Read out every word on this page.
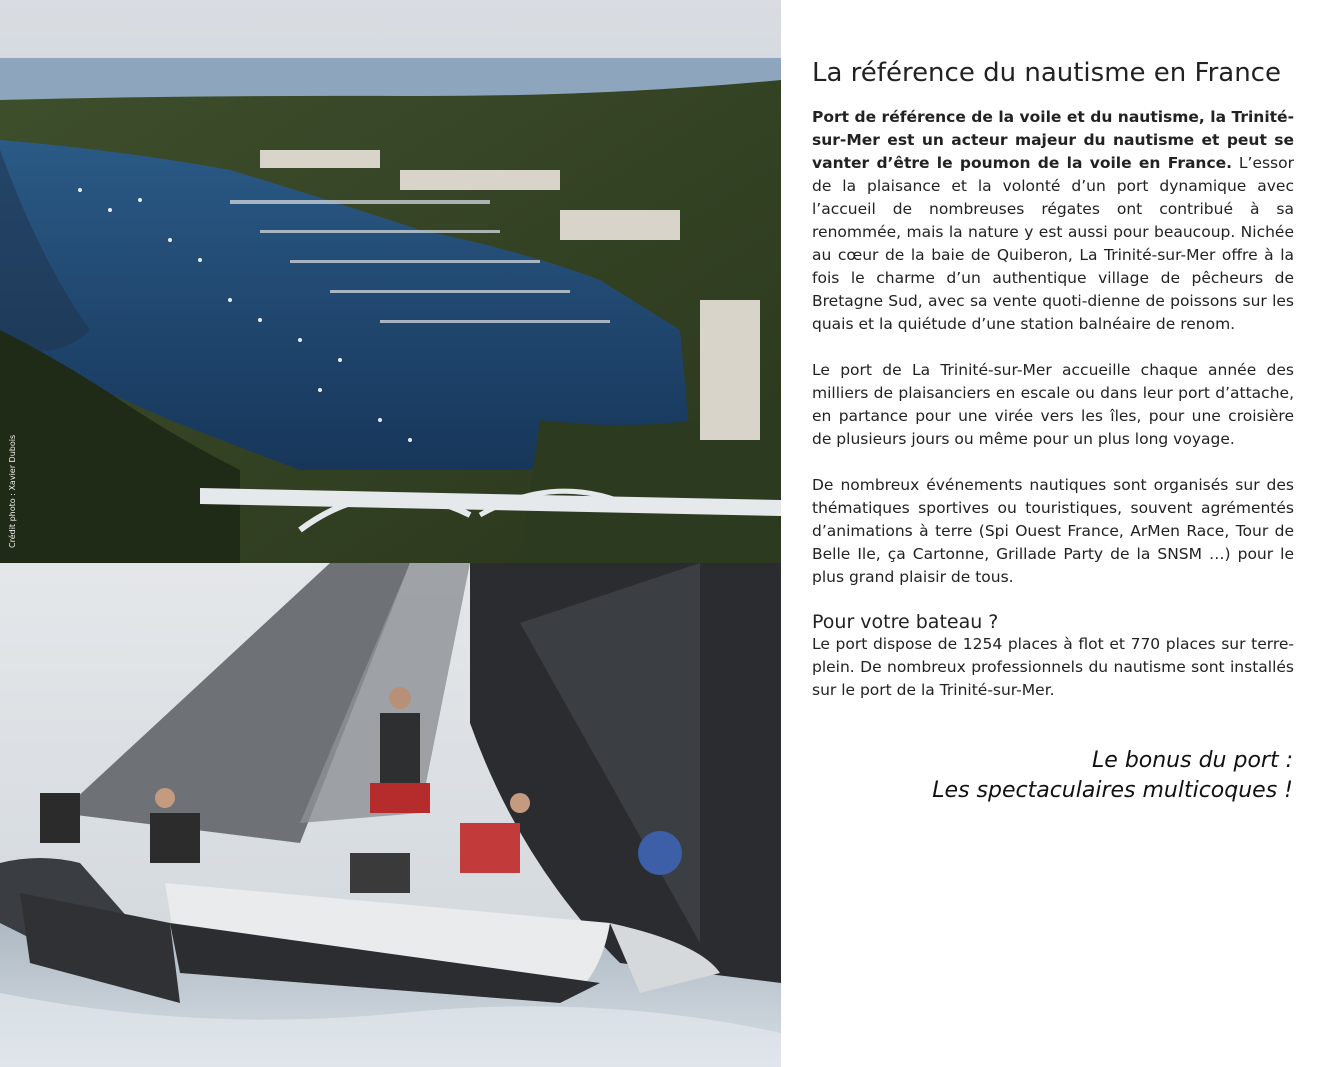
Crédit photo : Xavier Dubois
La référence du nautisme en France

Port de référence de la voile et du nautisme, la Trinité-sur-Mer est un acteur majeur du nautisme et peut se vanter d’être le poumon de la voile en France. L’essor de la plaisance et la volonté d’un port dynamique avec l’accueil de nombreuses régates ont contribué à sa renommée, mais la nature y est aussi pour beaucoup. Nichée au cœur de la baie de Quiberon, La Trinité-sur-Mer offre à la fois le charme d’un authentique village de pêcheurs de Bretagne Sud, avec sa vente quoti-dienne de poissons sur les quais et la quiétude d’une station balnéaire de renom.

Le port de La Trinité-sur-Mer accueille chaque année des milliers de plaisanciers en escale ou dans leur port d’attache, en partance pour une virée vers les îles, pour une croisière de plusieurs jours ou même pour un plus long voyage.

De nombreux événements nautiques sont organisés sur des thématiques sportives ou touristiques, souvent agrémentés d’animations à terre (Spi Ouest France, ArMen Race, Tour de Belle Ile, ça Cartonne, Grillade Party de la SNSM …) pour le plus grand plaisir de tous.

Pour votre bateau ?

Le port dispose de 1254 places à flot et 770 places sur terre-plein. De nombreux professionnels du nautisme sont installés sur le port de la Trinité-sur-Mer.

Le bonus du port :
Les spectaculaires multicoques !
